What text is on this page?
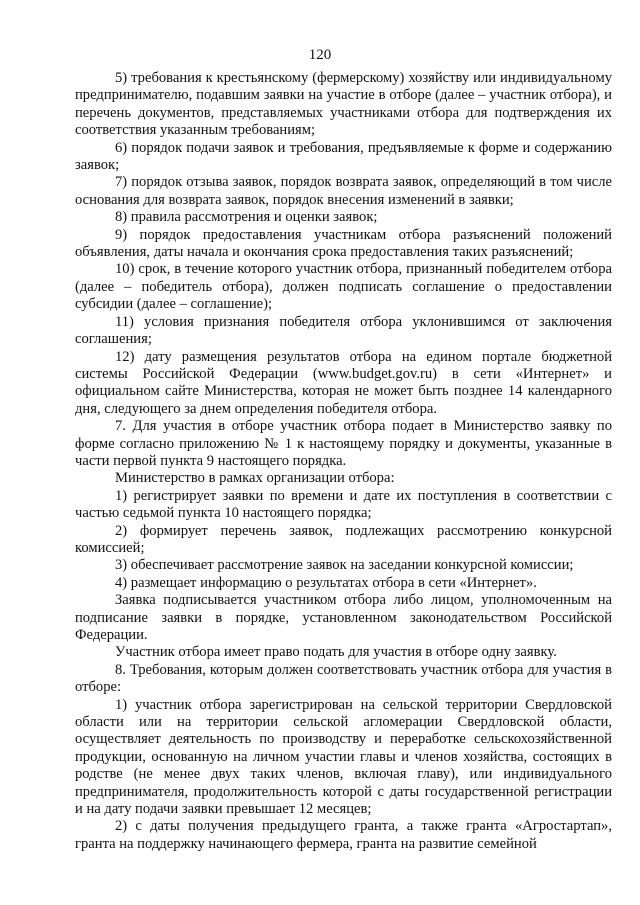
120

5) требования к крестьянскому (фермерскому) хозяйству или индивидуальному предпринимателю, подавшим заявки на участие в отборе (далее – участник отбора), и перечень документов, представляемых участниками отбора для подтверждения их соответствия указанным требованиям;

6) порядок подачи заявок и требования, предъявляемые к форме и содержанию заявок;

7) порядок отзыва заявок, порядок возврата заявок, определяющий в том числе основания для возврата заявок, порядок внесения изменений в заявки;

8) правила рассмотрения и оценки заявок;

9) порядок предоставления участникам отбора разъяснений положений объявления, даты начала и окончания срока предоставления таких разъяснений;

10) срок, в течение которого участник отбора, признанный победителем отбора (далее – победитель отбора), должен подписать соглашение о предоставлении субсидии (далее – соглашение);

11) условия признания победителя отбора уклонившимся от заключения соглашения;

12) дату размещения результатов отбора на едином портале бюджетной системы Российской Федерации (www.budget.gov.ru) в сети «Интернет» и официальном сайте Министерства, которая не может быть позднее 14 календарного дня, следующего за днем определения победителя отбора.

7. Для участия в отборе участник отбора подает в Министерство заявку по форме согласно приложению № 1 к настоящему порядку и документы, указанные в части первой пункта 9 настоящего порядка.

Министерство в рамках организации отбора:

1) регистрирует заявки по времени и дате их поступления в соответствии с частью седьмой пункта 10 настоящего порядка;

2) формирует перечень заявок, подлежащих рассмотрению конкурсной комиссией;

3) обеспечивает рассмотрение заявок на заседании конкурсной комиссии;

4) размещает информацию о результатах отбора в сети «Интернет».

Заявка подписывается участником отбора либо лицом, уполномоченным на подписание заявки в порядке, установленном законодательством Российской Федерации.

Участник отбора имеет право подать для участия в отборе одну заявку.

8. Требования, которым должен соответствовать участник отбора для участия в отборе:

1) участник отбора зарегистрирован на сельской территории Свердловской области или на территории сельской агломерации Свердловской области, осуществляет деятельность по производству и переработке сельскохозяйственной продукции, основанную на личном участии главы и членов хозяйства, состоящих в родстве (не менее двух таких членов, включая главу), или индивидуального предпринимателя, продолжительность которой с даты государственной регистрации и на дату подачи заявки превышает 12 месяцев;

2) с даты получения предыдущего гранта, а также гранта «Агростартап», гранта на поддержку начинающего фермера, гранта на развитие семейной
